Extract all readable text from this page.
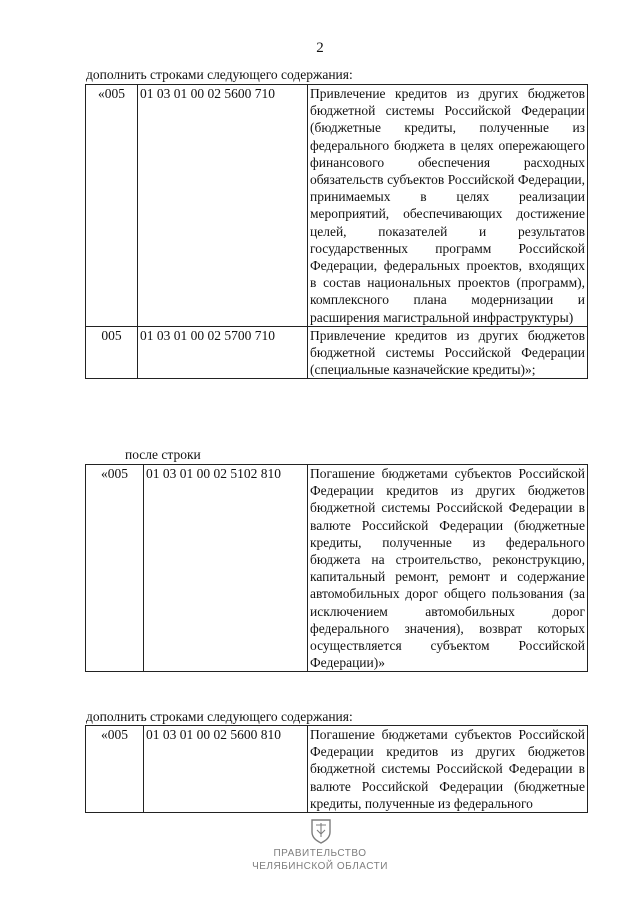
2
дополнить строками следующего содержания:
«005	01 03 01 00 02 5600 710	Привлечение кредитов из других бюджетов бюджетной системы Российской Федерации (бюджетные кредиты, полученные из федерального бюджета в целях опережающего финансового обеспечения расходных обязательств субъектов Российской Федерации, принимаемых в целях реализации мероприятий, обеспечивающих достижение целей, показателей и результатов государственных программ Российской Федерации, федеральных проектов, входящих в состав национальных проектов (программ), комплексного плана модернизации и расширения магистральной инфраструктуры)
005	01 03 01 00 02 5700 710	Привлечение кредитов из других бюджетов бюджетной системы Российской Федерации (специальные казначейские кредиты)»;
после строки
«005	01 03 01 00 02 5102 810	Погашение бюджетами субъектов Российской Федерации кредитов из других бюджетов бюджетной системы Российской Федерации в валюте Российской Федерации (бюджетные кредиты, полученные из федерального бюджета на строительство, реконструкцию, капитальный ремонт, ремонт и содержание автомобильных дорог общего пользования (за исключением автомобильных дорог федерального значения), возврат которых осуществляется субъектом Российской Федерации)»
дополнить строками следующего содержания:
«005	01 03 01 00 02 5600 810	Погашение бюджетами субъектов Российской Федерации кредитов из других бюджетов бюджетной системы Российской Федерации в валюте Российской Федерации (бюджетные кредиты, полученные из федерального
ПРАВИТЕЛЬСТВО
ЧЕЛЯБИНСКОЙ ОБЛАСТИ
